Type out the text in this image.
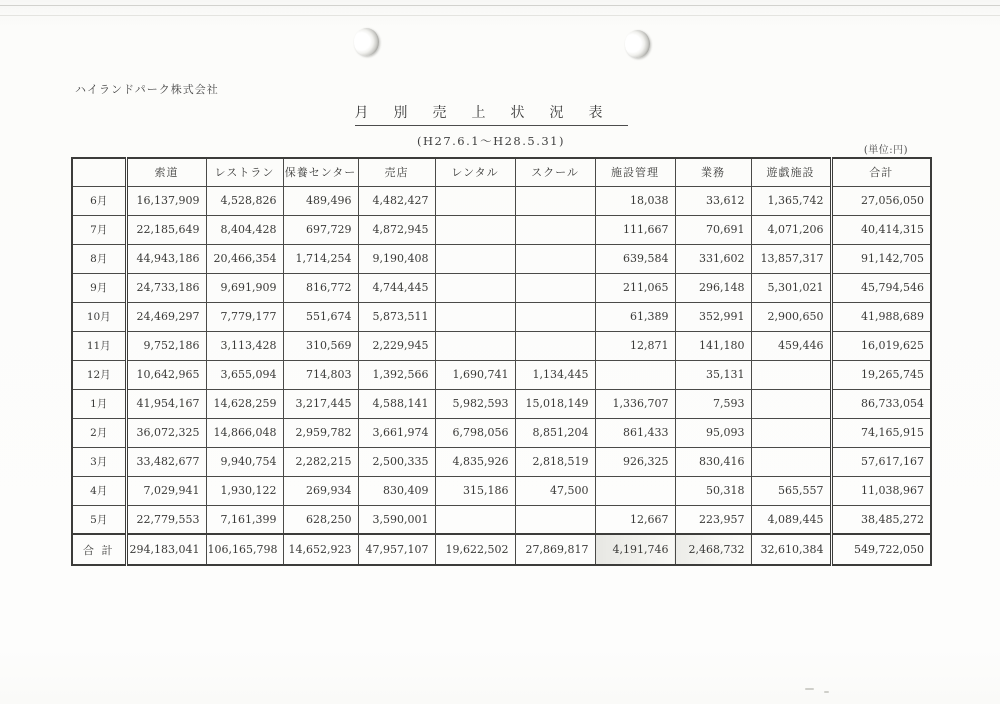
ハイランドパーク株式会社
月別売上状況表
(H27.6.1～H28.5.31)
(単位:円)
	索道	レストラン	保養センター	売店	レンタル	スクール	施設管理	業務	遊戯施設	合計
6月	16,137,909	4,528,826	489,496	4,482,427			18,038	33,612	1,365,742	27,056,050
7月	22,185,649	8,404,428	697,729	4,872,945			111,667	70,691	4,071,206	40,414,315
8月	44,943,186	20,466,354	1,714,254	9,190,408			639,584	331,602	13,857,317	91,142,705
9月	24,733,186	9,691,909	816,772	4,744,445			211,065	296,148	5,301,021	45,794,546
10月	24,469,297	7,779,177	551,674	5,873,511			61,389	352,991	2,900,650	41,988,689
11月	9,752,186	3,113,428	310,569	2,229,945			12,871	141,180	459,446	16,019,625
12月	10,642,965	3,655,094	714,803	1,392,566	1,690,741	1,134,445		35,131		19,265,745
1月	41,954,167	14,628,259	3,217,445	4,588,141	5,982,593	15,018,149	1,336,707	7,593		86,733,054
2月	36,072,325	14,866,048	2,959,782	3,661,974	6,798,056	8,851,204	861,433	95,093		74,165,915
3月	33,482,677	9,940,754	2,282,215	2,500,335	4,835,926	2,818,519	926,325	830,416		57,617,167
4月	7,029,941	1,930,122	269,934	830,409	315,186	47,500		50,318	565,557	11,038,967
5月	22,779,553	7,161,399	628,250	3,590,001			12,667	223,957	4,089,445	38,485,272
合 計	294,183,041	106,165,798	14,652,923	47,957,107	19,622,502	27,869,817	4,191,746	2,468,732	32,610,384	549,722,050
